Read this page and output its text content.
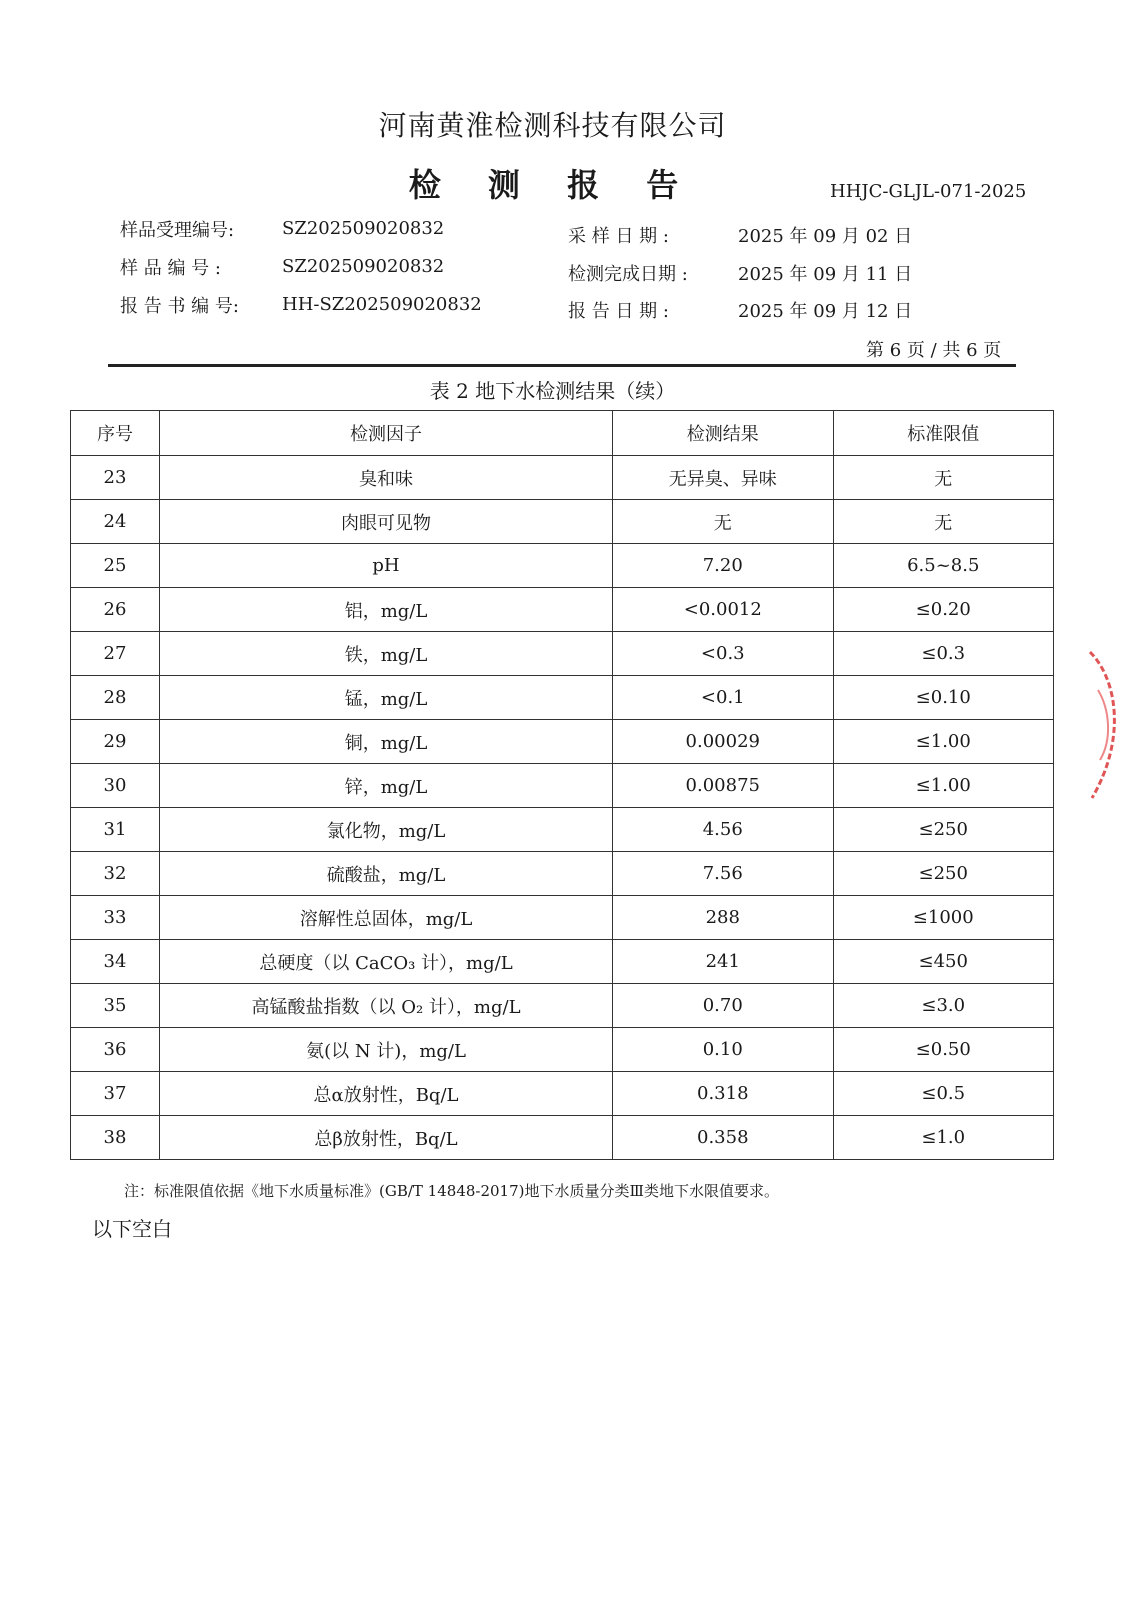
河南黄淮检测科技有限公司
检 测 报 告	HHJC-GLJL-071-2025
样品受理编号:	SZ202509020832
样 品 编 号 :	SZ202509020832
报 告 书 编 号: HH-SZ202509020832
采 样 日 期 :	2025 年 09 月 02 日
检测完成日期 :	2025 年 09 月 11 日
报 告 日 期 :	2025 年 09 月 12 日
第 6 页 / 共 6 页
表 2 地下水检测结果（续）
序号	检测因子	检测结果	标准限值
23	臭和味	无异臭、异味	无
24	肉眼可见物	无	无
25	pH	7.20	6.5~8.5
26	铝，mg/L	<0.0012	≤0.20
27	铁，mg/L	<0.3	≤0.3
28	锰，mg/L	<0.1	≤0.10
29	铜，mg/L	0.00029	≤1.00
30	锌，mg/L	0.00875	≤1.00
31	氯化物，mg/L	4.56	≤250
32	硫酸盐，mg/L	7.56	≤250
33	溶解性总固体，mg/L	288	≤1000
34	总硬度（以 CaCO₃ 计），mg/L	241	≤450
35	高锰酸盐指数（以 O₂ 计），mg/L	0.70	≤3.0
36	氨(以 N 计)，mg/L	0.10	≤0.50
37	总α放射性，Bq/L	0.318	≤0.5
38	总β放射性，Bq/L	0.358	≤1.0
注：标准限值依据《地下水质量标准》(GB/T 14848-2017)地下水质量分类Ⅲ类地下水限值要求。
以下空白
